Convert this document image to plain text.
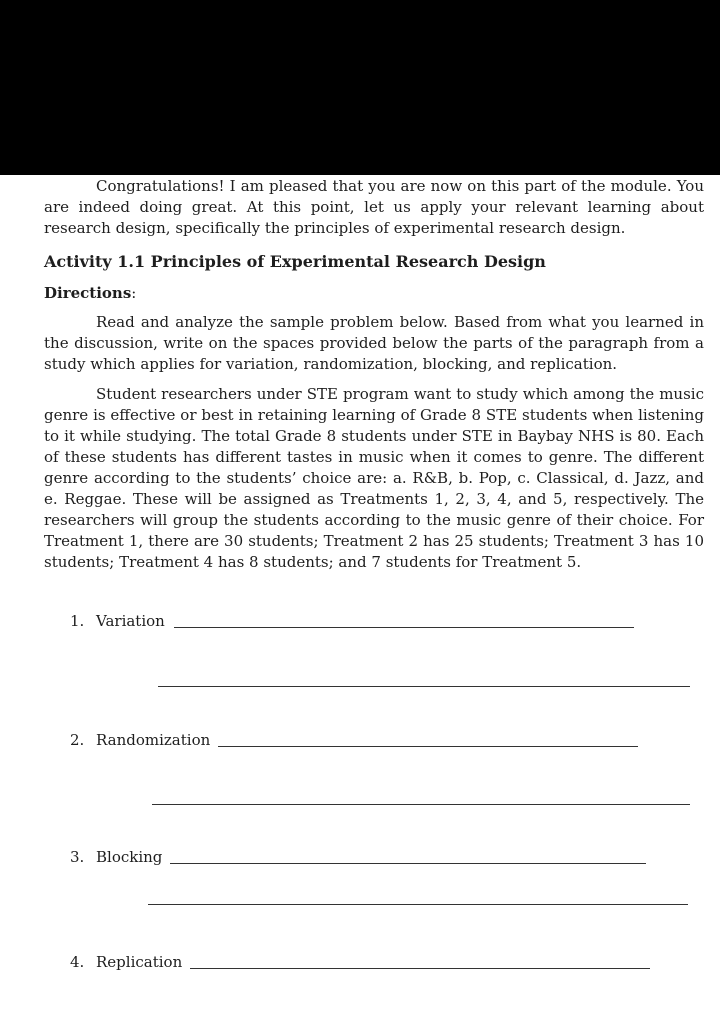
Congratulations! I am pleased that you are now on this part of the module. You are indeed doing great. At this point, let us apply your relevant learning about research design, specifically the principles of experimental research design.

Activity 1.1 Principles of Experimental Research Design

Directions:

Read and analyze the sample problem below. Based from what you learned in the discussion, write on the spaces provided below the parts of the paragraph from a study which applies for variation, randomization, blocking, and replication.

Student researchers under STE program want to study which among the music genre is effective or best in retaining learning of Grade 8 STE students when listening to it while studying. The total Grade 8 students under STE in Baybay NHS is 80. Each of these students has different tastes in music when it comes to genre. The different genre according to the students’ choice are: a. R&B, b. Pop, c. Classical, d. Jazz, and e. Reggae. These will be assigned as Treatments 1, 2, 3, 4, and 5, respectively. The researchers will group the students according to the music genre of their choice. For Treatment 1, there are 30 students; Treatment 2 has 25 students; Treatment 3 has 10 students; Treatment 4 has 8 students; and 7 students for Treatment 5.

1. Variation
2. Randomization
3. Blocking
4. Replication
